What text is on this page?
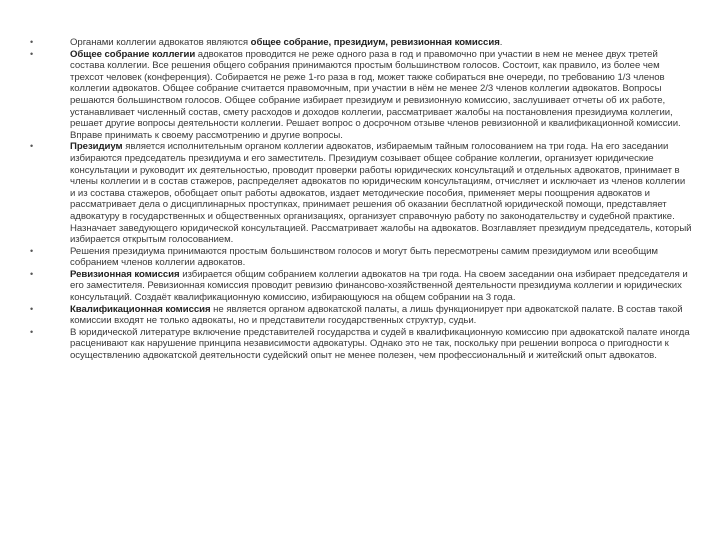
•	Органами коллегии адвокатов являются общее собрание, президиум, ревизионная комиссия.
•	Общее собрание коллегии адвокатов проводится не реже одного раза в год и правомочно при участии в нем не менее двух третей состава коллегии. Все решения общего собрания принимаются простым большинством голосов. Состоит, как правило, из более чем трехсот человек (конференция). Собирается не реже 1-го раза в год, может также собираться вне очереди, по требованию 1/3 членов коллегии адвокатов. Общее собрание считается правомочным, при участии в нём не менее 2/3 членов коллегии адвокатов. Вопросы решаются большинством голосов. Общее собрание избирает президиум и ревизионную комиссию, заслушивает отчеты об их работе, устанавливает численный состав, смету расходов и доходов коллегии, рассматривает жалобы на постановления президиума коллегии, решает другие вопросы деятельности коллегии. Решает вопрос о досрочном отзыве членов ревизионной и квалификационной комиссии. Вправе принимать к своему рассмотрению и другие вопросы.
•	Президиум является исполнительным органом коллегии адвокатов, избираемым тайным голосованием на три года. На его заседании избираются председатель президиума и его заместитель. Президиум созывает общее собрание коллегии, организует юридические консультации и руководит их деятельностью, проводит проверки работы юридических консультаций и отдельных адвокатов, принимает в члены коллегии и в состав стажеров, распределяет адвокатов по юридическим консультациям, отчисляет и исключает из членов коллегии и из состава стажеров, обобщает опыт работы адвокатов, издает методические пособия, применяет меры поощрения адвокатов и рассматривает дела о дисциплинарных проступках, принимает решения об оказании бесплатной юридической помощи, представляет адвокатуру в государственных и общественных организациях, организует справочную работу по законодательству и судебной практике. Назначает заведующего юридической консультацией. Рассматривает жалобы на адвокатов. Возглавляет президиум председатель, который избирается открытым голосованием.
•	Решения президиума принимаются простым большинством голосов и могут быть пересмотрены самим президиумом или всеобщим собранием членов коллегии адвокатов.
•	Ревизионная комиссия избирается общим собранием коллегии адвокатов на три года. На своем заседании она избирает председателя и его заместителя. Ревизионная комиссия проводит ревизию финансово-хозяйственной деятельности президиума коллегии и юридических консультаций. Создаёт квалификационную комиссию, избирающуюся на общем собрании на 3 года.
•	Квалификационная комиссия не является органом адвокатской палаты, а лишь функционирует при адвокатской палате. В состав такой комиссии входят не только адвокаты, но и представители государственных структур, судьи.
•	В юридической литературе включение представителей государства и судей в квалификационную комиссию при адвокатской палате иногда расценивают как нарушение принципа независимости адвокатуры. Однако это не так, поскольку при решении вопроса о пригодности к осуществлению адвокатской деятельности судейский опыт не менее полезен, чем профессиональный и житейский опыт адвокатов.
